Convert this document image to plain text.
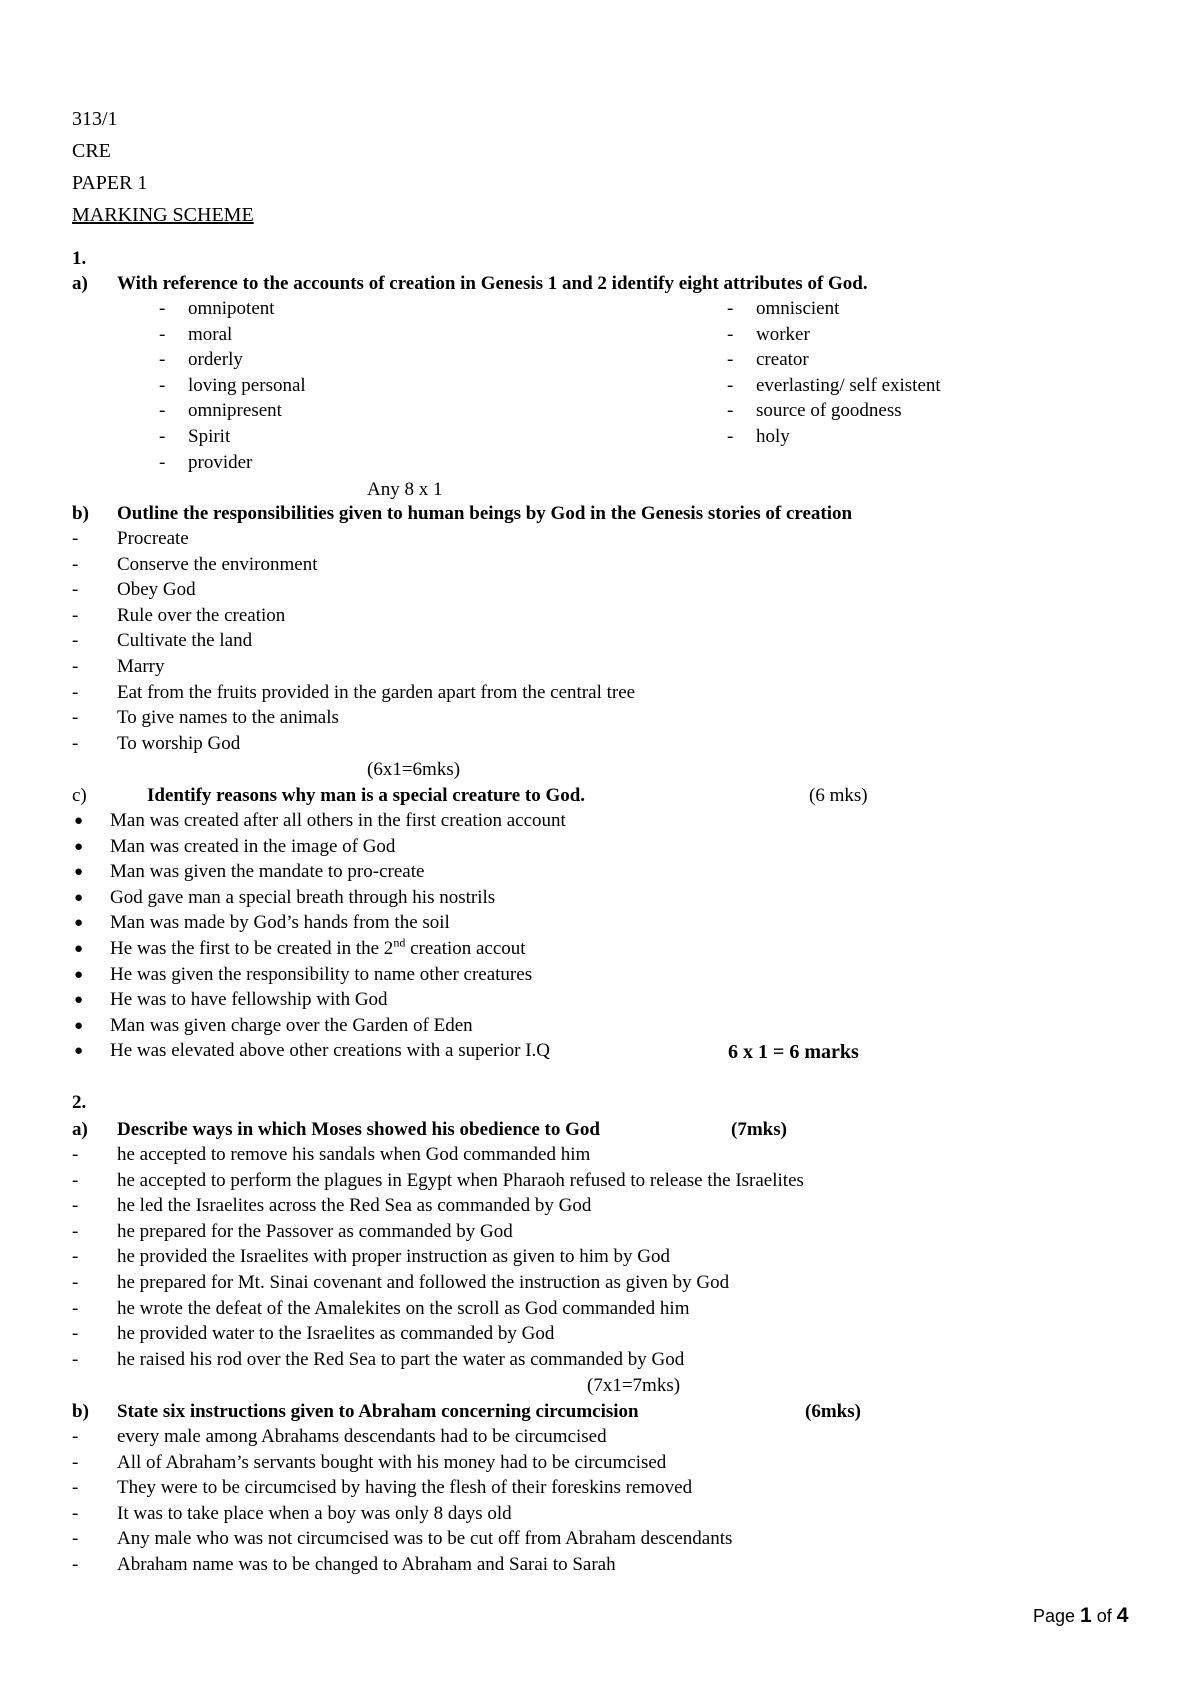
313/1
CRE
PAPER 1
MARKING SCHEME
1.
a) With reference to the accounts of creation in Genesis 1 and 2 identify eight attributes of God.
- omnipotent
- moral
- orderly
- loving personal
- omnipresent
- Spirit
- provider
- omniscient
- worker
- creator
- everlasting/ self existent
- source of goodness
- holy
Any 8 x 1
b) Outline the responsibilities given to human beings by God in the Genesis stories of creation
- Procreate
- Conserve the environment
- Obey God
- Rule over the creation
- Cultivate the land
- Marry
- Eat from the fruits provided in the garden apart from the central tree
- To give names to the animals
- To worship God
(6x1=6mks)
c)	Identify reasons why man is a special creature to God.	(6 mks)
● Man was created after all others in the first creation account
● Man was created in the image of God
● Man was given the mandate to pro-create
● God gave man a special breath through his nostrils
● Man was made by God’s hands from the soil
● He was the first to be created in the 2nd creation accout
● He was given the responsibility to name other creatures
● He was to have fellowship with God
● Man was given charge over the Garden of Eden
● He was elevated above other creations with a superior I.Q	6 x 1 = 6 marks
2.
a) Describe ways in which Moses showed his obedience to God	(7mks)
- he accepted to remove his sandals when God commanded him
- he accepted to perform the plagues in Egypt when Pharaoh refused to release the Israelites
- he led the Israelites across the Red Sea as commanded by God
- he prepared for the Passover as commanded by God
- he provided the Israelites with proper instruction as given to him by God
- he prepared for Mt. Sinai covenant and followed the instruction as given by God
- he wrote the defeat of the Amalekites on the scroll as God commanded him
- he provided water to the Israelites as commanded by God
- he raised his rod over the Red Sea to part the water as commanded by God
(7x1=7mks)
b) State six instructions given to Abraham concerning circumcision	(6mks)
- every male among Abrahams descendants had to be circumcised
- All of Abraham’s servants bought with his money had to be circumcised
- They were to be circumcised by having the flesh of their foreskins removed
- It was to take place when a boy was only 8 days old
- Any male who was not circumcised was to be cut off from Abraham descendants
- Abraham name was to be changed to Abraham and Sarai to Sarah
Page 1 of 4
